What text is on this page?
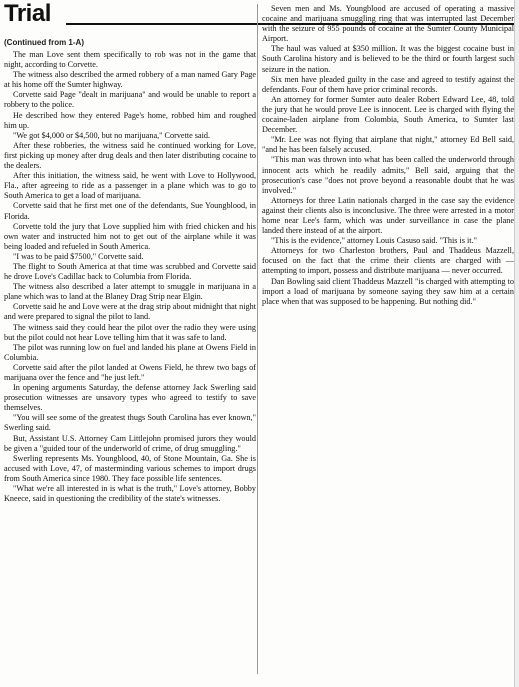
Trial
(Continued from 1-A)

The man Love sent them specifically to rob was not in the game that night, according to Corvette.

The witness also described the armed robbery of a man named Gary Page at his home off the Sumter highway.

Corvette said Page "dealt in marijuana" and would be unable to report a robbery to the police.

He described how they entered Page's home, robbed him and roughed him up.

"We got $4,000 or $4,500, but no marijuana," Corvette said.

After these robberies, the witness said he continued working for Love, first picking up money after drug deals and then later distributing cocaine to the dealers.

After this initiation, the witness said, he went with Love to Hollywood, Fla., after agreeing to ride as a passenger in a plane which was to go to South America to get a load of marijuana.

Corvette said that he first met one of the defendants, Sue Youngblood, in Florida.

Corvette told the jury that Love supplied him with fried chicken and his own water and instructed him not to get out of the airplane while it was being loaded and refueled in South America.

"I was to be paid $7500," Corvette said.

The flight to South America at that time was scrubbed and Corvette said he drove Love's Cadillac back to Columbia from Florida.

The witness also described a later attempt to smuggle in marijuana in a plane which was to land at the Blaney Drag Strip near Elgin.

Corvette said he and Love were at the drag strip about midnight that night and were prepared to signal the pilot to land.

The witness said they could hear the pilot over the radio they were using but the pilot could not hear Love telling him that it was safe to land.

The pilot was running low on fuel and landed his plane at Owens Field in Columbia.

Corvette said after the pilot landed at Owens Field, he threw two bags of marijuana over the fence and "he just left."

In opening arguments Saturday, the defense attorney Jack Swerling said prosecution witnesses are unsavory types who agreed to testify to save themselves.

"You will see some of the greatest thugs South Carolina has ever known," Swerling said.

But, Assistant U.S. Attorney Cam Littlejohn promised jurors they would be given a "guided tour of the underworld of crime, of drug smuggling."

Swerling represents Ms. Youngblood, 40, of Stone Mountain, Ga. She is accused with Love, 47, of masterminding various schemes to import drugs from South America since 1980. They face possible life sentences.

"What we're all interested in is what is the truth," Love's attorney, Bobby Kneece, said in questioning the credibility of the state's witnesses.

Seven men and Ms. Youngblood are accused of operating a massive cocaine and marijuana smuggling ring that was interrupted last December with the seizure of 955 pounds of cocaine at the Sumter County Municipal Airport.

The haul was valued at $350 million. It was the biggest cocaine bust in South Carolina history and is believed to be the third or fourth largest such seizure in the nation.

Six men have pleaded guilty in the case and agreed to testify against the defendants. Four of them have prior criminal records.

An attorney for former Sumter auto dealer Robert Edward Lee, 48, told the jury that he would prove Lee is innocent. Lee is charged with flying the cocaine-laden airplane from Colombia, South America, to Sumter last December.

"Mr. Lee was not flying that airplane that night," attorney Ed Bell said, "and he has been falsely accused.

"This man was thrown into what has been called the underworld through innocent acts which he readily admits," Bell said, arguing that the prosecution's case "does not prove beyond a reasonable doubt that he was involved."

Attorneys for three Latin nationals charged in the case say the evidence against their clients also is inconclusive. The three were arrested in a motor home near Lee's farm, which was under surveillance in case the plane landed there instead of at the airport.

"This is the evidence," attorney Louis Casuso said. "This is it."

Attorneys for two Charleston brothers, Paul and Thaddeus Mazzell, focused on the fact that the crime their clients are charged with — attempting to import, possess and distribute marijuana — never occurred.

Dan Bowling said client Thaddeus Mazzell "is charged with attempting to import a load of marijuana by someone saying they saw him at a certain place when that was supposed to be happening. But nothing did."
